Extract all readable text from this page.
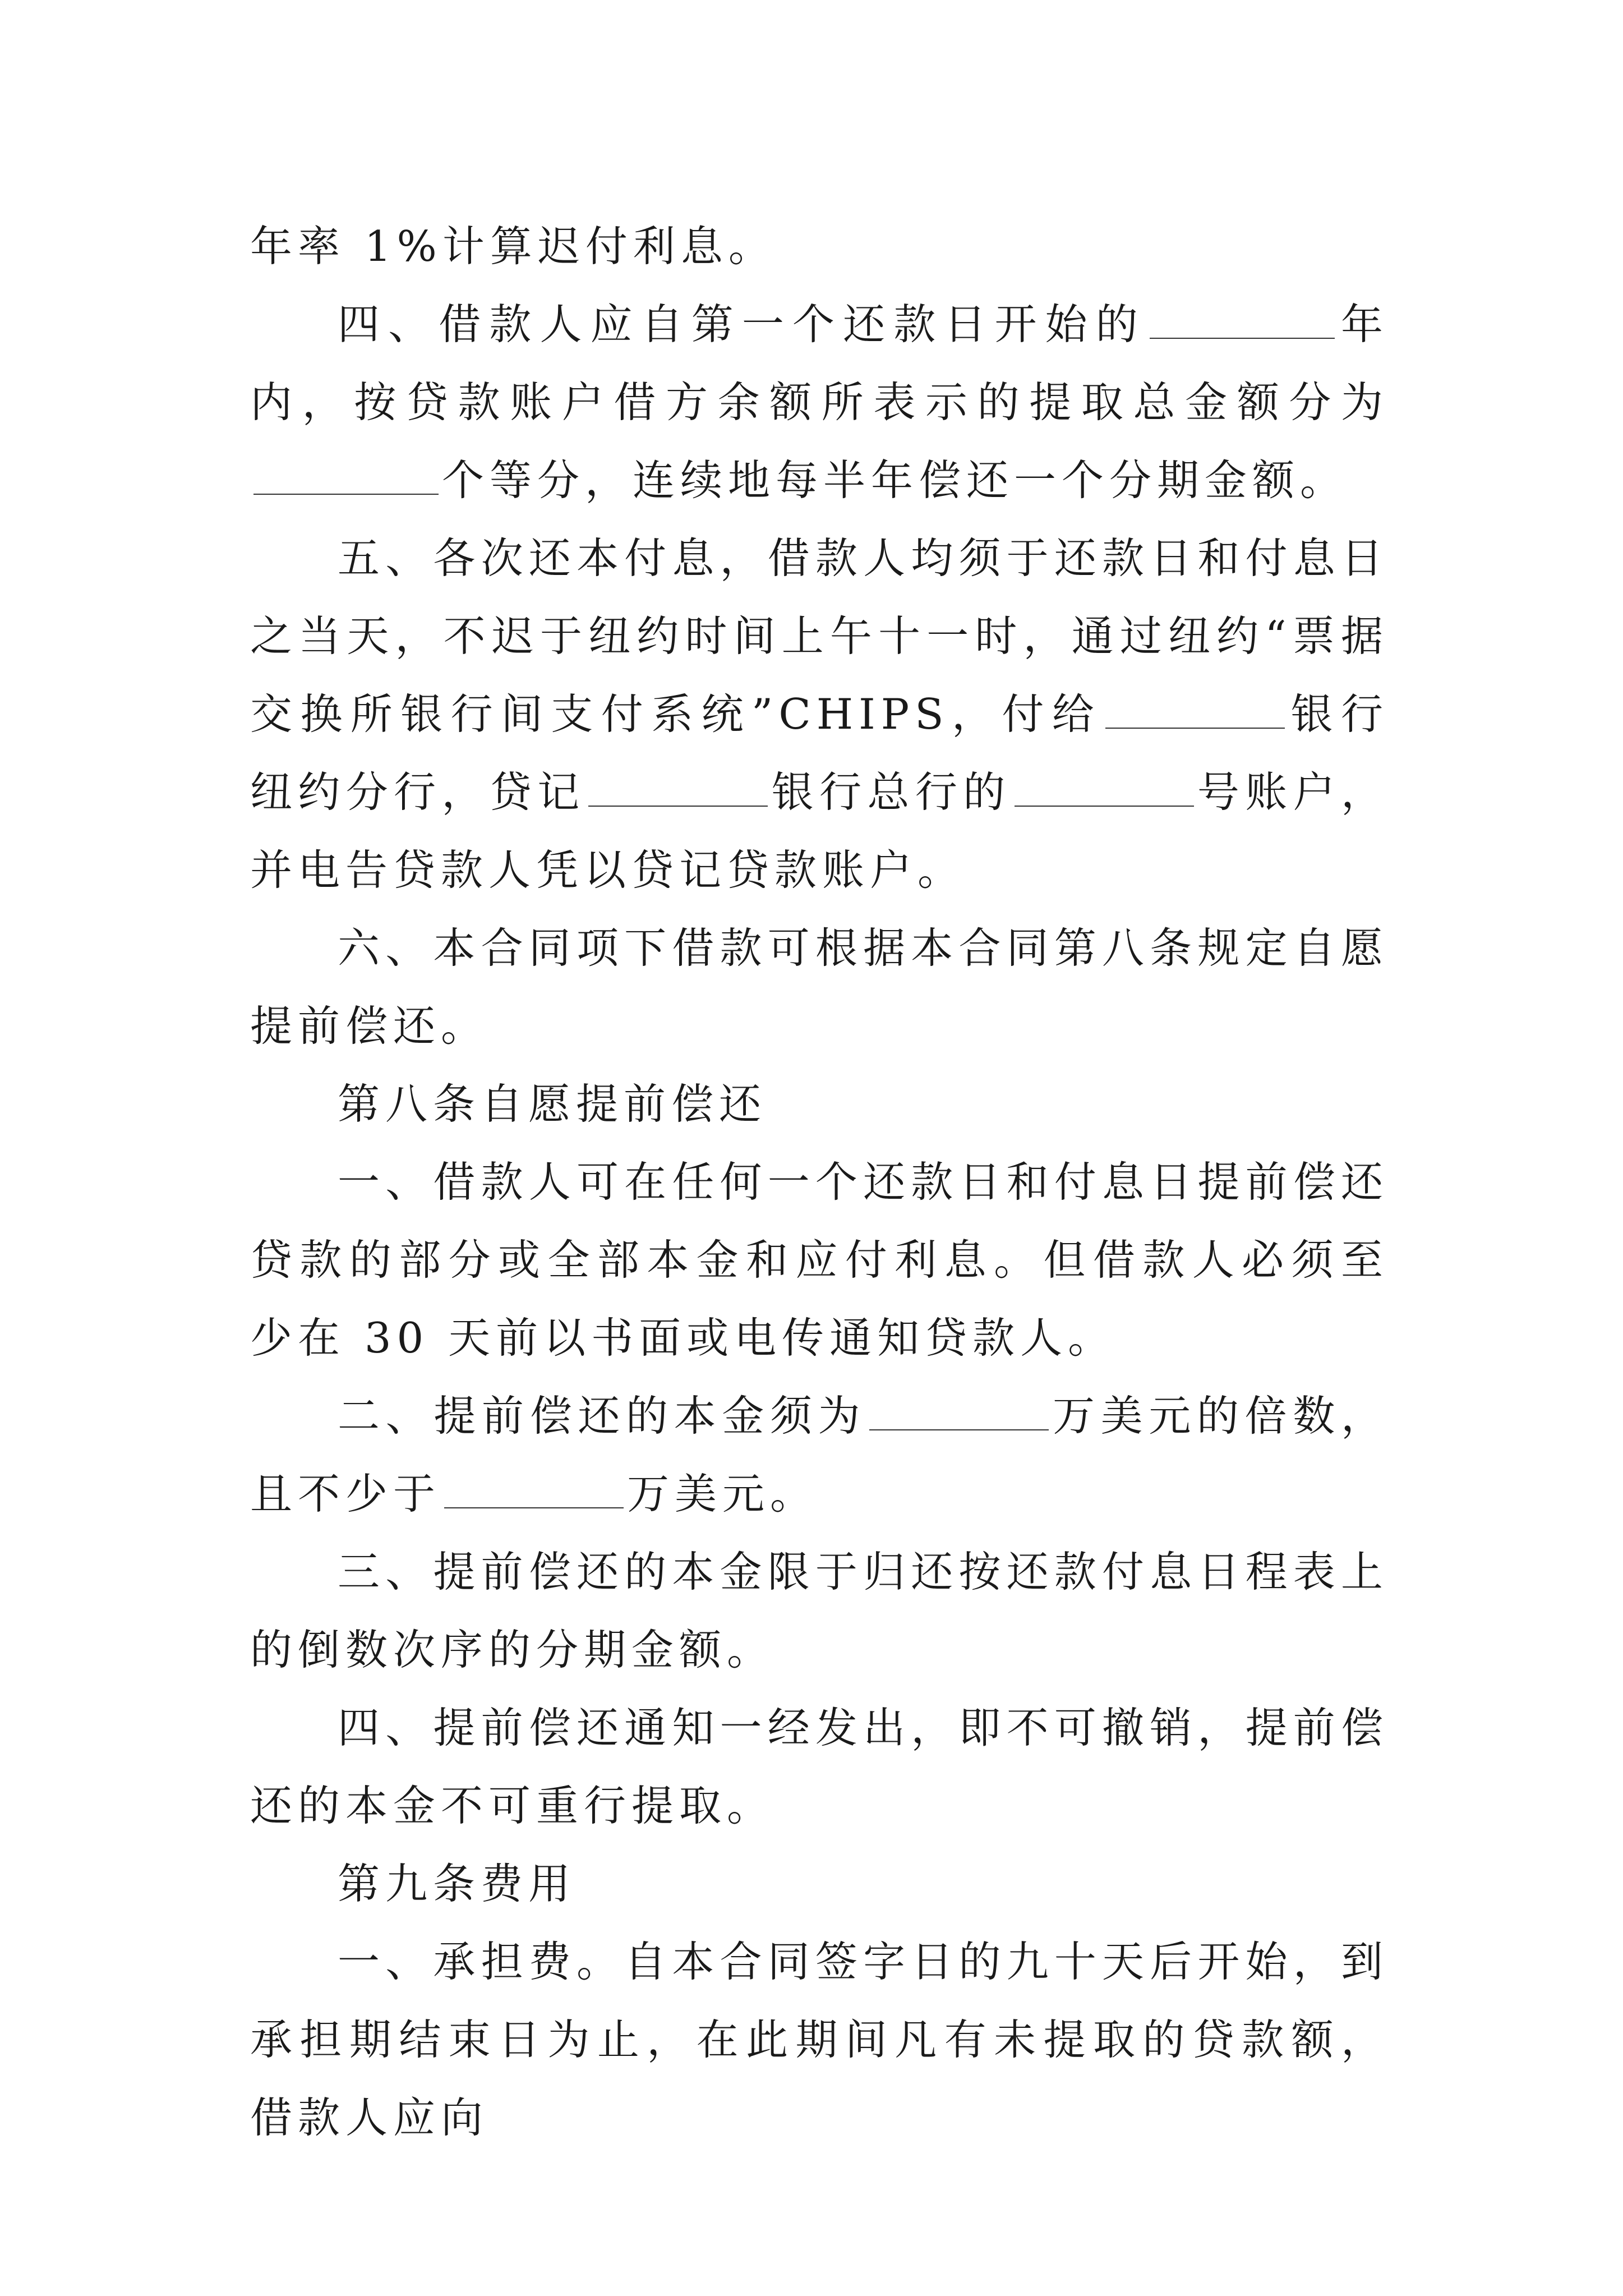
年率 1%计算迟付利息。

四、借款人应自第一个还款日开始的	年内，按贷款账户借方余额所表示的提取总金额分为个等分，连续地每半年偿还一个分期金额。

五、各次还本付息，借款人均须于还款日和付息日之当天，不迟于纽约时间上午十一时，通过纽约“票据交换所银行间支付系统”CHIPS，付给	银行纽约分行，贷记	银行总行的	号账户，并电告贷款人凭以贷记贷款账户。

六、本合同项下借款可根据本合同第八条规定自愿提前偿还。

第八条自愿提前偿还

一、借款人可在任何一个还款日和付息日提前偿还贷款的部分或全部本金和应付利息。但借款人必须至少在 30 天前以书面或电传通知贷款人。

二、提前偿还的本金须为	万美元的倍数，且不少于	万美元。

三、提前偿还的本金限于归还按还款付息日程表上的倒数次序的分期金额。

四、提前偿还通知一经发出，即不可撤销，提前偿还的本金不可重行提取。

第九条费用

一、承担费。自本合同签字日的九十天后开始，到承担期结束日为止，在此期间凡有未提取的贷款额，借款人应向
